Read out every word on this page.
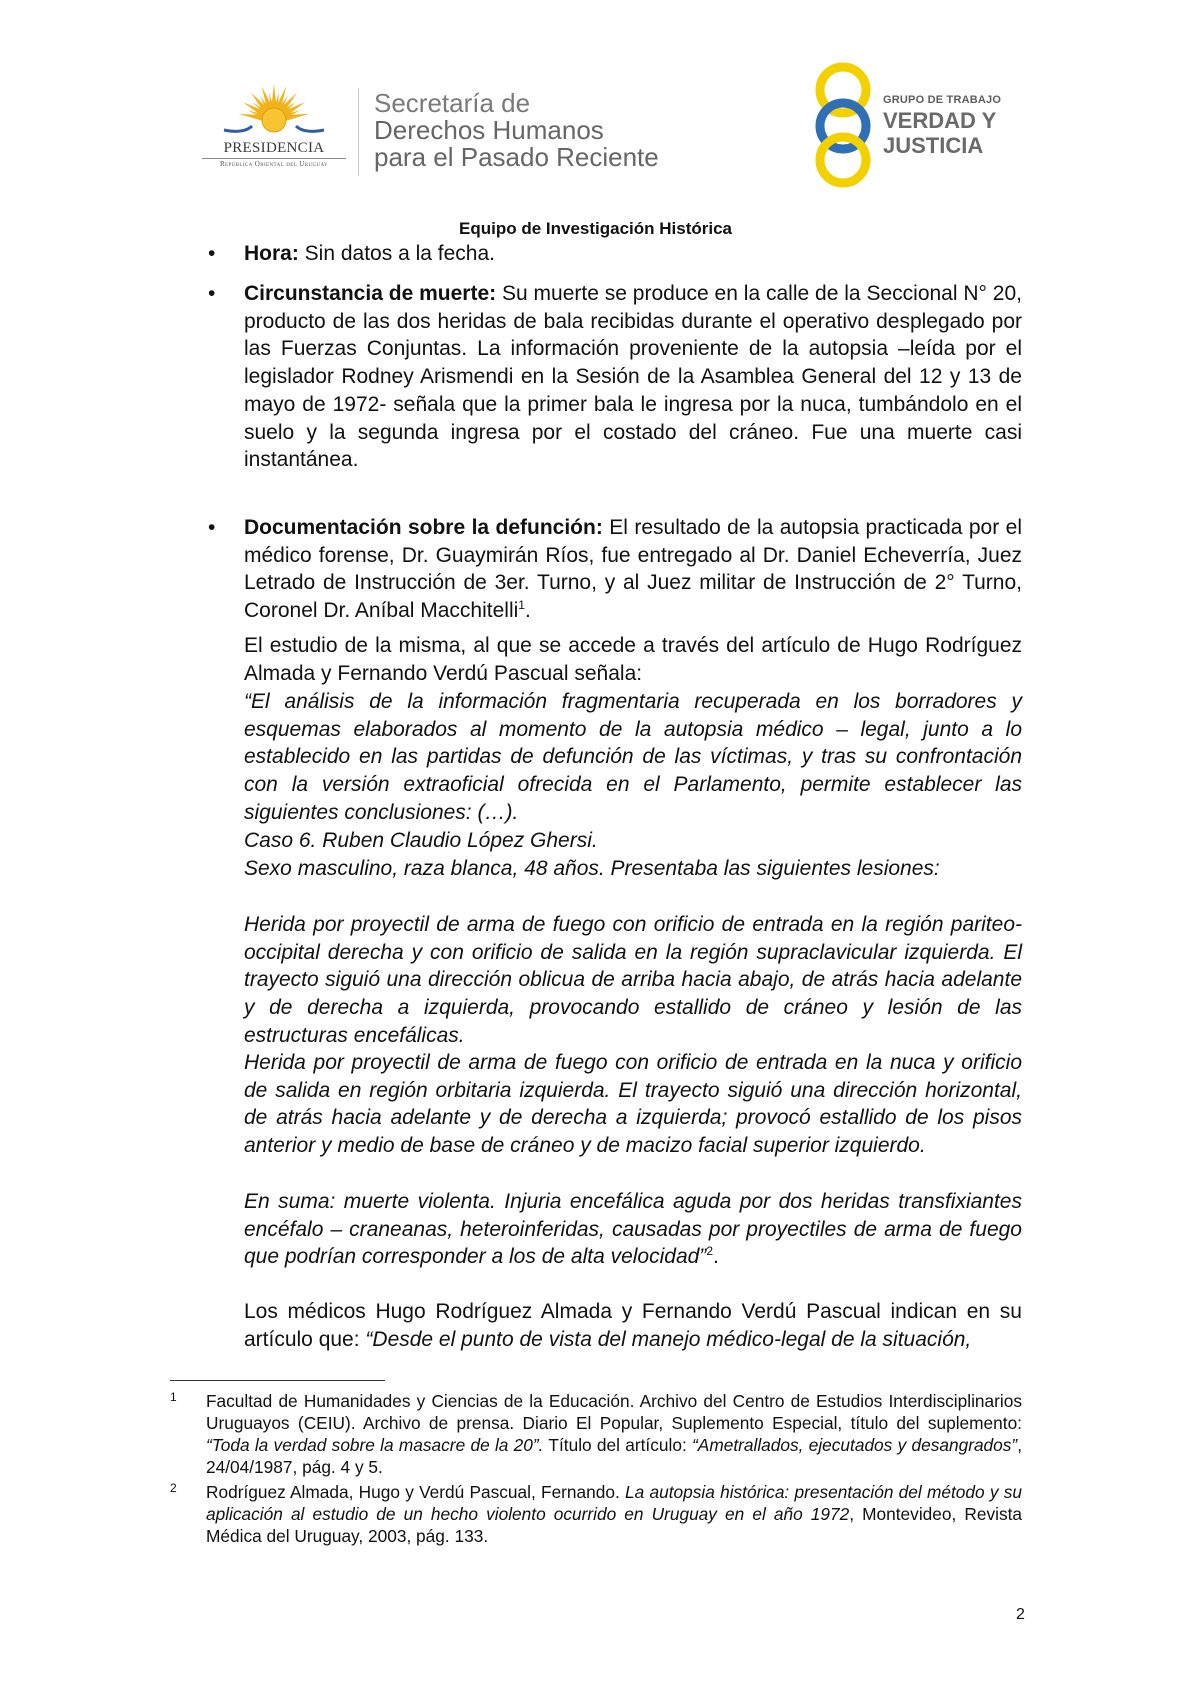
PRESIDENCIA
República Oriental del Uruguay
Secretaría de
Derechos Humanos
para el Pasado Reciente
GRUPO DE TRABAJO
VERDAD Y
JUSTICIA
Equipo de Investigación Histórica
• Hora: Sin datos a la fecha.
• Circunstancia de muerte: Su muerte se produce en la calle de la Seccional N° 20, producto de las dos heridas de bala recibidas durante el operativo desplegado por las Fuerzas Conjuntas. La información proveniente de la autopsia –leída por el legislador Rodney Arismendi en la Sesión de la Asamblea General del 12 y 13 de mayo de 1972- señala que la primer bala le ingresa por la nuca, tumbándolo en el suelo y la segunda ingresa por el costado del cráneo. Fue una muerte casi instantánea.
• Documentación sobre la defunción: El resultado de la autopsia practicada por el médico forense, Dr. Guaymirán Ríos, fue entregado al Dr. Daniel Echeverría, Juez Letrado de Instrucción de 3er. Turno, y al Juez militar de Instrucción de 2° Turno, Coronel Dr. Aníbal Macchitelli$^1$.
El estudio de la misma, al que se accede a través del artículo de Hugo Rodríguez Almada y Fernando Verdú Pascual señala:
“El análisis de la información fragmentaria recuperada en los borradores y esquemas elaborados al momento de la autopsia médico – legal, junto a lo establecido en las partidas de defunción de las víctimas, y tras su confrontación con la versión extraoficial ofrecida en el Parlamento, permite establecer las siguientes conclusiones: (…).
Caso 6. Ruben Claudio López Ghersi.
Sexo masculino, raza blanca, 48 años. Presentaba las siguientes lesiones:
Herida por proyectil de arma de fuego con orificio de entrada en la región pariteo-occipital derecha y con orificio de salida en la región supraclavicular izquierda. El trayecto siguió una dirección oblicua de arriba hacia abajo, de atrás hacia adelante y de derecha a izquierda, provocando estallido de cráneo y lesión de las estructuras encefálicas.
Herida por proyectil de arma de fuego con orificio de entrada en la nuca y orificio de salida en región orbitaria izquierda. El trayecto siguió una dirección horizontal, de atrás hacia adelante y de derecha a izquierda; provocó estallido de los pisos anterior y medio de base de cráneo y de macizo facial superior izquierdo.
En suma: muerte violenta. Injuria encefálica aguda por dos heridas transfixiantes encéfalo – craneanas, heteroinferidas, causadas por proyectiles de arma de fuego que podrían corresponder a los de alta velocidad”$^2$.
Los médicos Hugo Rodríguez Almada y Fernando Verdú Pascual indican en su artículo que: “Desde el punto de vista del manejo médico-legal de la situación,
1 Facultad de Humanidades y Ciencias de la Educación. Archivo del Centro de Estudios Interdisciplinarios Uruguayos (CEIU). Archivo de prensa. Diario El Popular, Suplemento Especial, título del suplemento: “Toda la verdad sobre la masacre de la 20”. Título del artículo: “Ametrallados, ejecutados y desangrados”, 24/04/1987, pág. 4 y 5.
2 Rodríguez Almada, Hugo y Verdú Pascual, Fernando. La autopsia histórica: presentación del método y su aplicación al estudio de un hecho violento ocurrido en Uruguay en el año 1972, Montevideo, Revista Médica del Uruguay, 2003, pág. 133.
2
